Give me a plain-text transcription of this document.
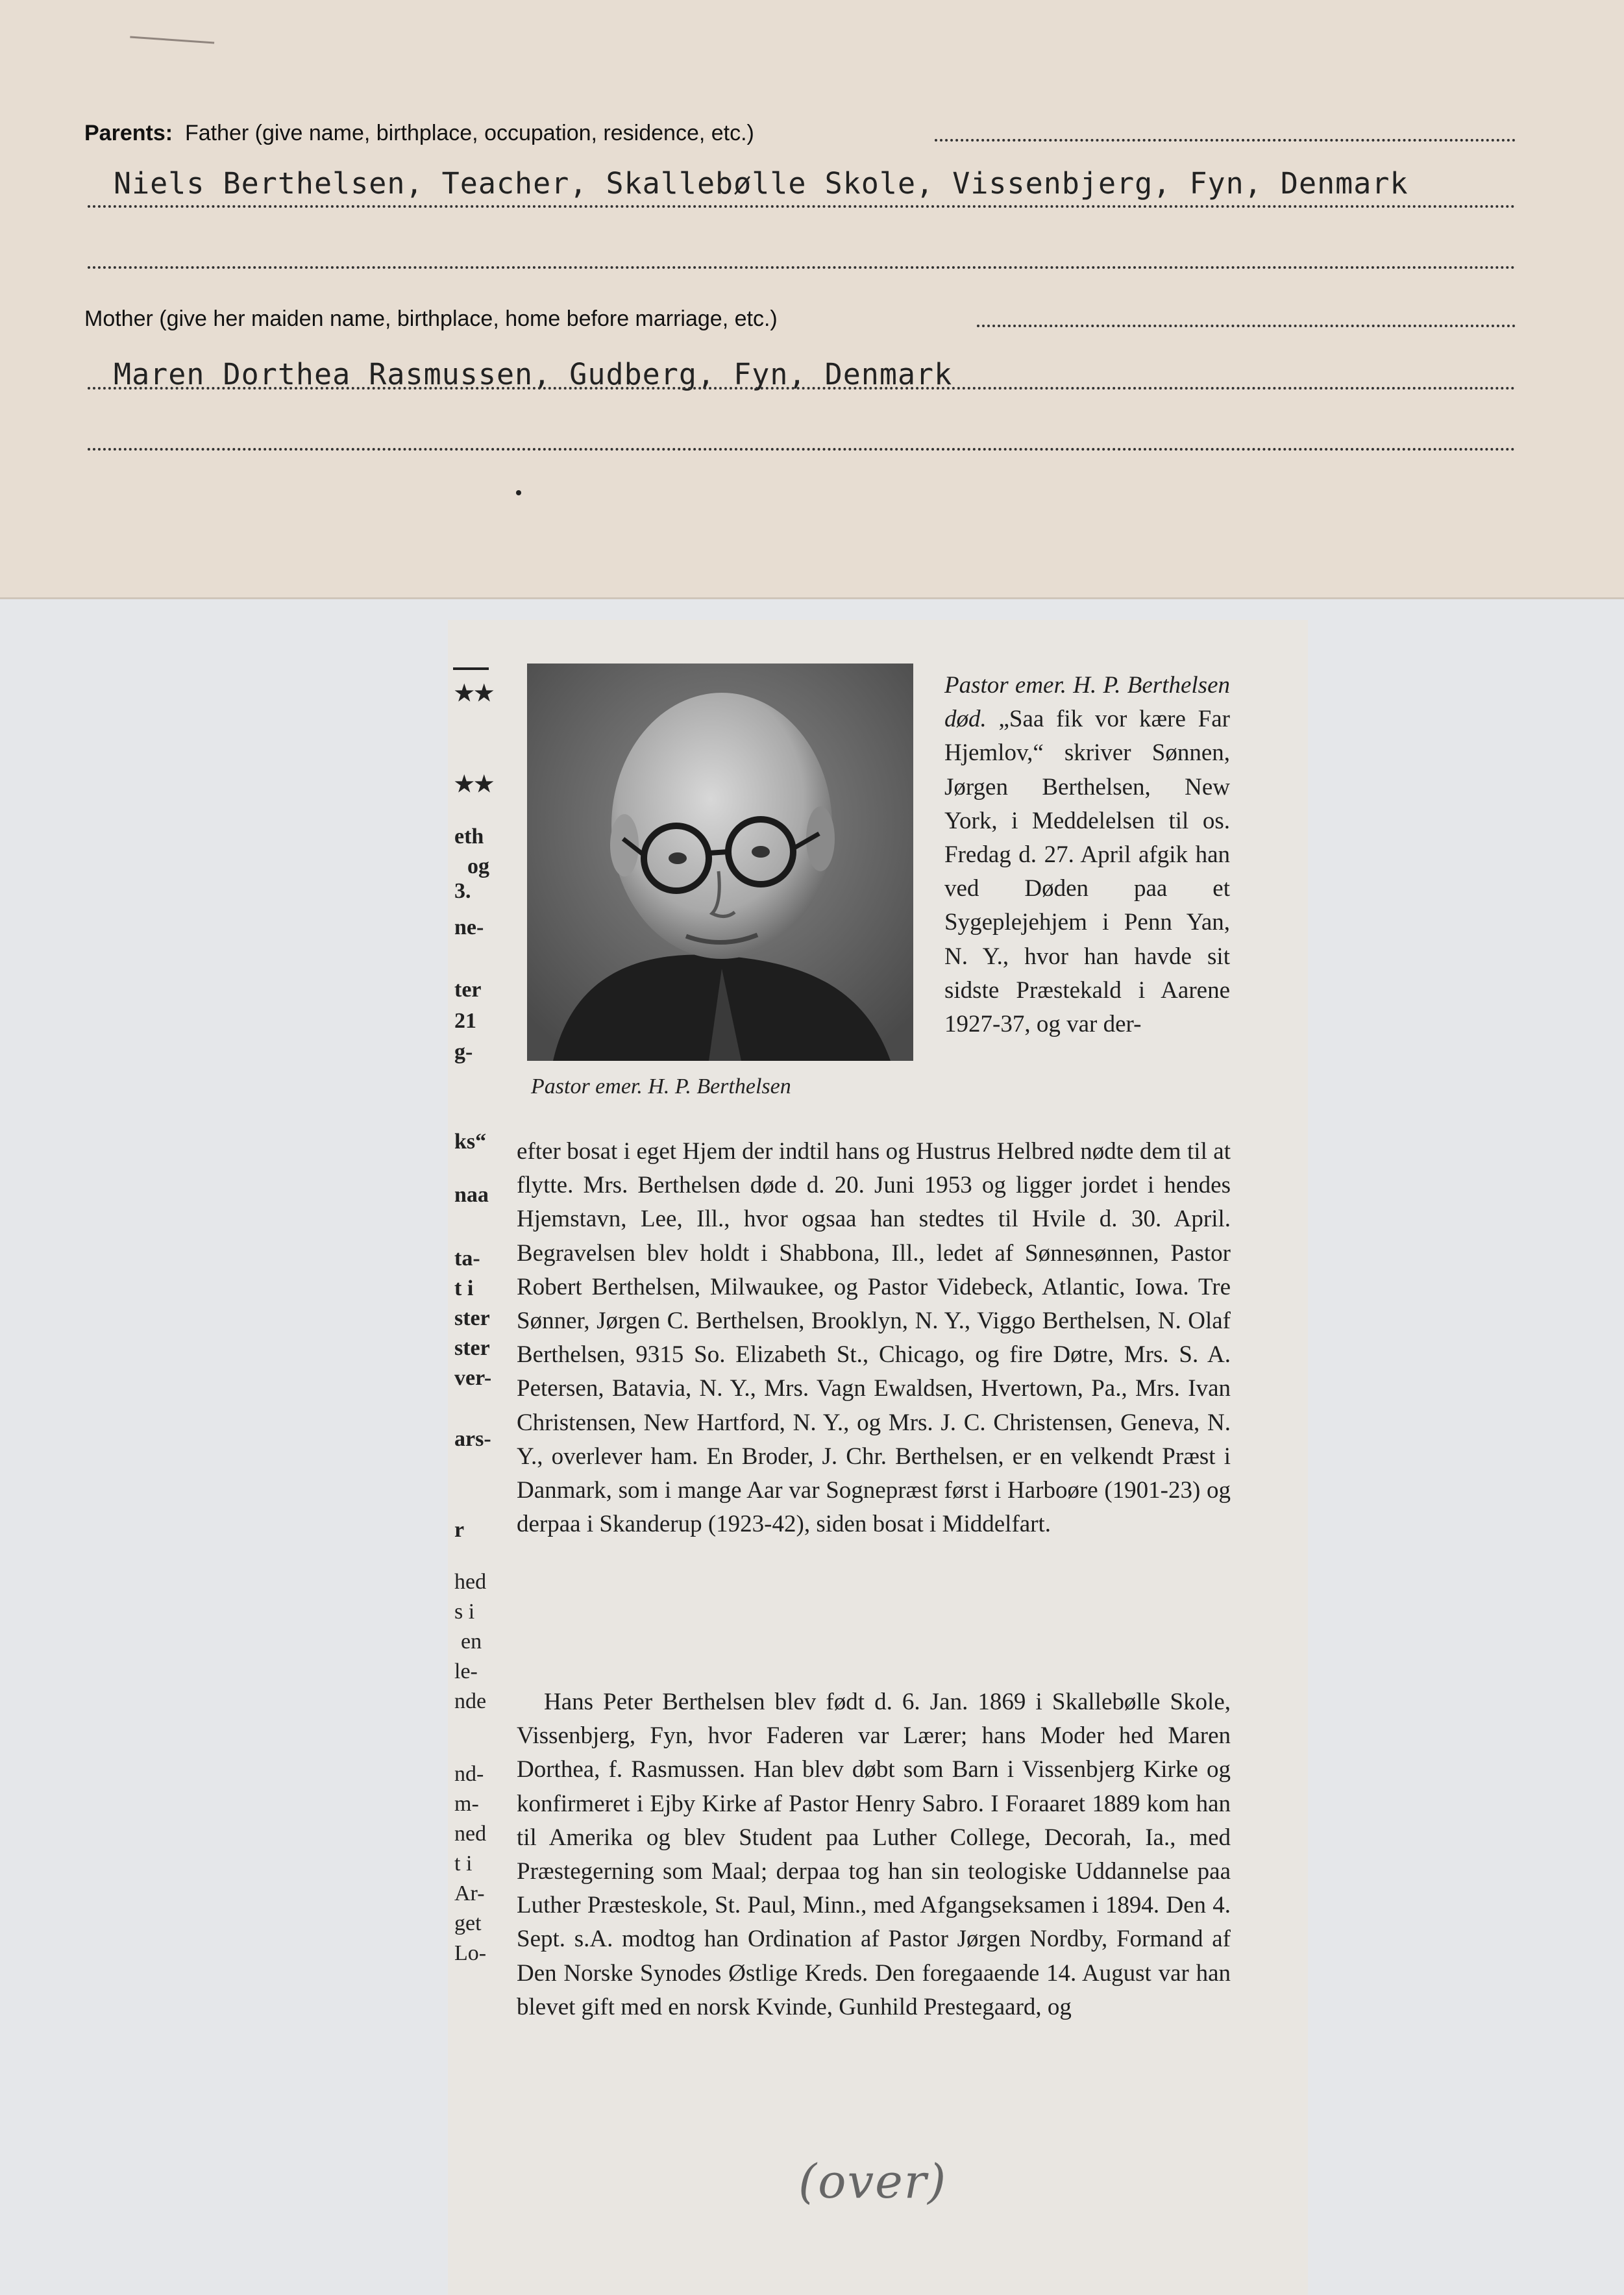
Parents: Father (give name, birthplace, occupation, residence, etc.)
Niels Berthelsen, Teacher, Skallebølle Skole, Vissenbjerg, Fyn, Denmark
Mother (give her maiden name, birthplace, home before marriage, etc.)
Maren Dorthea Rasmussen, Gudberg, Fyn, Denmark
★★
★★
eth
og
3.
ne-
ter
21
g-
ks“
naa
ta-
t i
ster
ster
ver-
ars-
r
hed
s i
en
le-
nde
nd-
m-
ned
t i
Ar-
get
Lo-
Pastor emer. H. P. Berthelsen
Pastor emer. H. P. Berthelsen død. „Saa fik vor kære Far Hjemlov,“ skriver Sønnen, Jørgen Berthelsen, New York, i Meddelelsen til os. Fredag d. 27. April afgik han ved Døden paa et Sygeplejehjem i Penn Yan, N. Y., hvor han havde sit sidste Præstekald i Aarene 1927-37, og var der-
efter bosat i eget Hjem der indtil hans og Hustrus Helbred nødte dem til at flytte. Mrs. Berthelsen døde d. 20. Juni 1953 og ligger jordet i hendes Hjemstavn, Lee, Ill., hvor ogsaa han stedtes til Hvile d. 30. April. Begravelsen blev holdt i Shabbona, Ill., ledet af Sønnesønnen, Pastor Robert Berthelsen, Milwaukee, og Pastor Videbeck, Atlantic, Iowa. Tre Sønner, Jørgen C. Berthelsen, Brooklyn, N. Y., Viggo Berthelsen, N. Olaf Berthelsen, 9315 So. Elizabeth St., Chicago, og fire Døtre, Mrs. S. A. Petersen, Batavia, N. Y., Mrs. Vagn Ewaldsen, Hvertown, Pa., Mrs. Ivan Christensen, New Hartford, N. Y., og Mrs. J. C. Christensen, Geneva, N. Y., overlever ham. En Broder, J. Chr. Berthelsen, er en velkendt Præst i Danmark, som i mange Aar var Sognepræst først i Harboøre (1901-23) og derpaa i Skanderup (1923-42), siden bosat i Middelfart.
Hans Peter Berthelsen blev født d. 6. Jan. 1869 i Skallebølle Skole, Vissenbjerg, Fyn, hvor Faderen var Lærer; hans Moder hed Maren Dorthea, f. Rasmussen. Han blev døbt som Barn i Vissenbjerg Kirke og konfirmeret i Ejby Kirke af Pastor Henry Sabro. I Foraaret 1889 kom han til Amerika og blev Student paa Luther College, Decorah, Ia., med Præstegerning som Maal; derpaa tog han sin teologiske Uddannelse paa Luther Præsteskole, St. Paul, Minn., med Afgangseksamen i 1894. Den 4. Sept. s.A. modtog han Ordination af Pastor Jørgen Nordby, Formand af Den Norske Synodes Østlige Kreds. Den foregaaende 14. August var han blevet gift med en norsk Kvinde, Gunhild Prestegaard, og
(over)
